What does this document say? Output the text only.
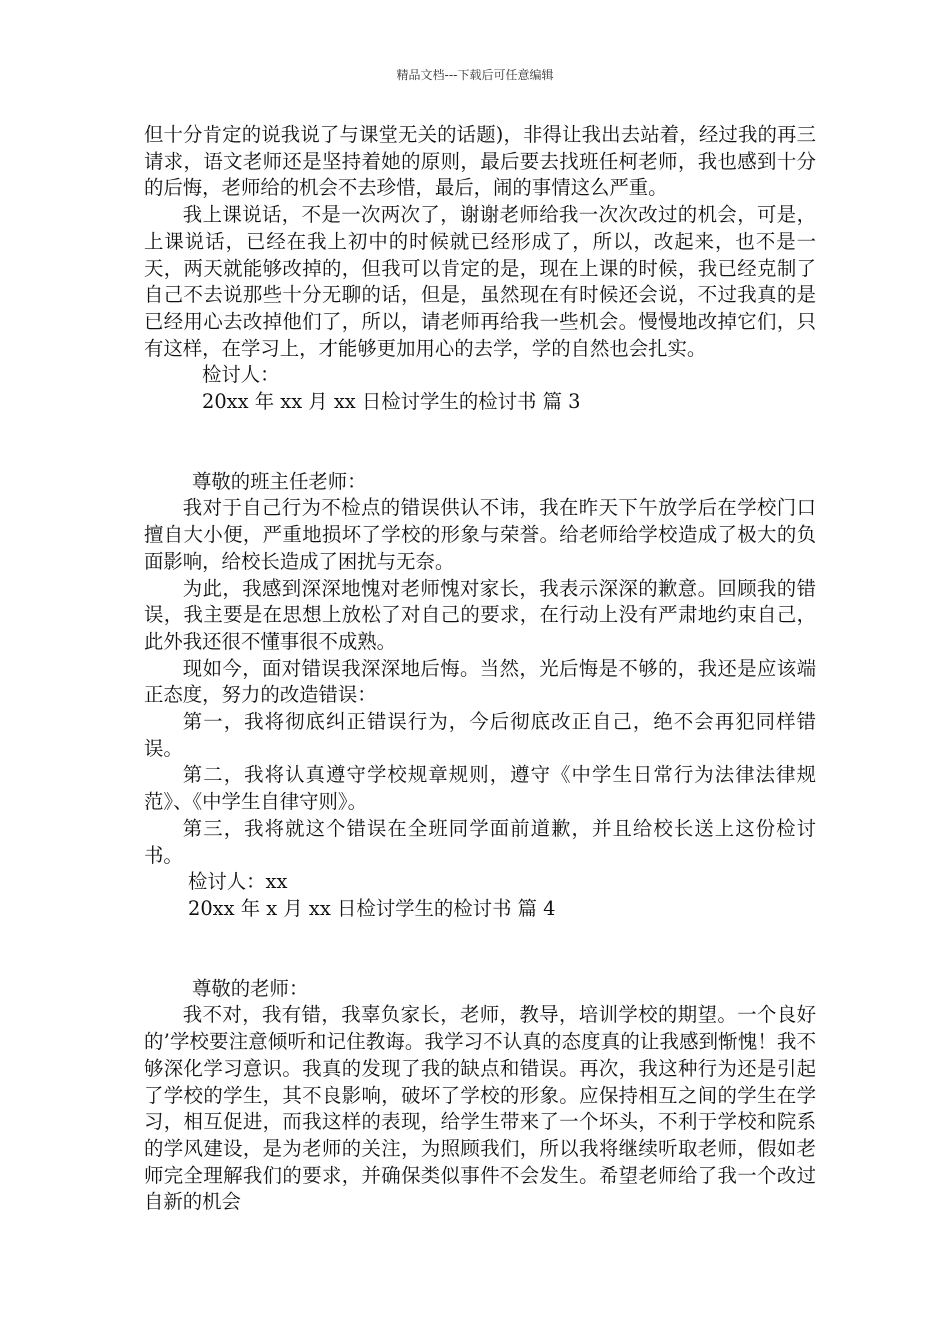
精品文档---下载后可任意编辑

但十分肯定的说我说了与课堂无关的话题)，非得让我出去站着，经过我的再三请求，语文老师还是坚持着她的原则，最后要去找班任柯老师，我也感到十分的后悔，老师给的机会不去珍惜，最后，闹的事情这么严重。

我上课说话，不是一次两次了，谢谢老师给我一次次改过的机会，可是，上课说话，已经在我上初中的时候就已经形成了，所以，改起来，也不是一天，两天就能够改掉的，但我可以肯定的是，现在上课的时候，我已经克制了自己不去说那些十分无聊的话，但是，虽然现在有时候还会说，不过我真的是已经用心去改掉他们了，所以，请老师再给我一些机会。慢慢地改掉它们，只有这样，在学习上，才能够更加用心的去学，学的自然也会扎实。

检讨人：

20xx 年 xx 月 xx 日检讨学生的检讨书 篇 3

尊敬的班主任老师：

我对于自己行为不检点的错误供认不讳，我在昨天下午放学后在学校门口擅自大小便，严重地损坏了学校的形象与荣誉。给老师给学校造成了极大的负面影响，给校长造成了困扰与无奈。

为此，我感到深深地愧对老师愧对家长，我表示深深的歉意。回顾我的错误，我主要是在思想上放松了对自己的要求，在行动上没有严肃地约束自己，此外我还很不懂事很不成熟。

现如今，面对错误我深深地后悔。当然，光后悔是不够的，我还是应该端正态度，努力的改造错误：

第一，我将彻底纠正错误行为，今后彻底改正自己，绝不会再犯同样错误。

第二，我将认真遵守学校规章规则，遵守《中学生日常行为法律法律规范》、《中学生自律守则》。

第三，我将就这个错误在全班同学面前道歉，并且给校长送上这份检讨书。

检讨人：xx

20xx 年 x 月 xx 日检讨学生的检讨书 篇 4

尊敬的老师：

我不对，我有错，我辜负家长，老师，教导，培训学校的期望。一个良好的’学校要注意倾听和记住教诲。我学习不认真的态度真的让我感到惭愧！我不够深化学习意识。我真的发现了我的缺点和错误。再次，我这种行为还是引起了学校的学生，其不良影响，破坏了学校的形象。应保持相互之间的学生在学习，相互促进，而我这样的表现，给学生带来了一个坏头，不利于学校和院系的学风建设，是为老师的关注，为照顾我们，所以我将继续听取老师，假如老师完全理解我们的要求，并确保类似事件不会发生。希望老师给了我一个改过自新的机会
